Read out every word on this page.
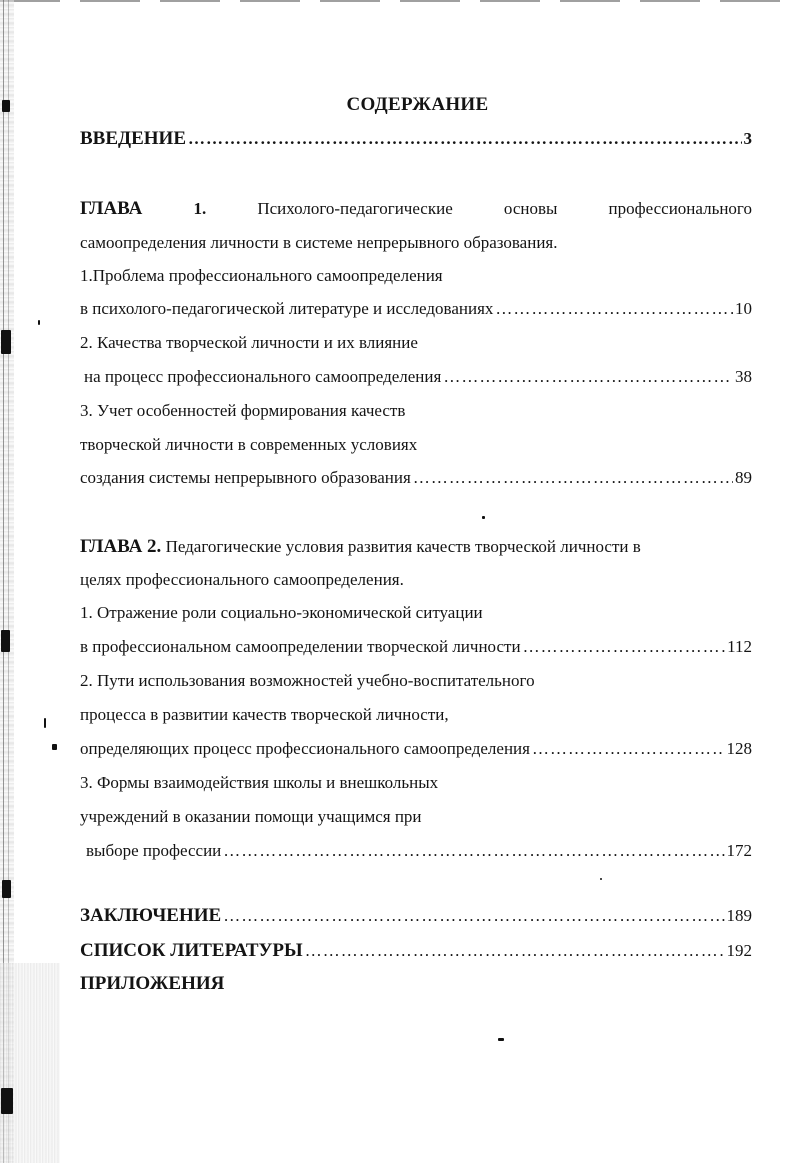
СОДЕРЖАНИЕ
ВВЕДЕНИЕ …………………………………………………………………………………………………………………………………………………………	3
ГЛАВА	1.	Психолого-педагогические	основы	профессионального
самоопределения личности в системе непрерывного образования.
1.Проблема профессионального самоопределения
в психолого-педагогической литературе и исследованиях …………………………………………………………………………………………………………………………………………………………	10
2. Качества творческой личности и их влияние
на процесс профессионального самоопределения …………………………………………………………………………………………………………………………………………………………	38
3. Учет особенностей формирования качеств
творческой личности в современных условиях
создания системы непрерывного образования …………………………………………………………………………………………………………………………………………………………	89
ГЛАВА 2. Педагогические условия развития качеств творческой личности в
целях профессионального самоопределения.
1. Отражение роли социально-экономической ситуации
в профессиональном самоопределении творческой личности …………………………………………………………………………………………………………………………………………………………	112
2. Пути использования возможностей учебно-воспитательного
процесса в развитии качеств творческой личности,
определяющих процесс профессионального самоопределения …………………………………………………………………………………………………………………………………………………………	128
3. Формы взаимодействия школы и внешкольных
учреждений в оказании помощи учащимся при
выборе профессии …………………………………………………………………………………………………………………………………………………………	172
ЗАКЛЮЧЕНИЕ …………………………………………………………………………………………………………………………………………………………	189
СПИСОК ЛИТЕРАТУРЫ …………………………………………………………………………………………………………………………………………………………	192
ПРИЛОЖЕНИЯ
